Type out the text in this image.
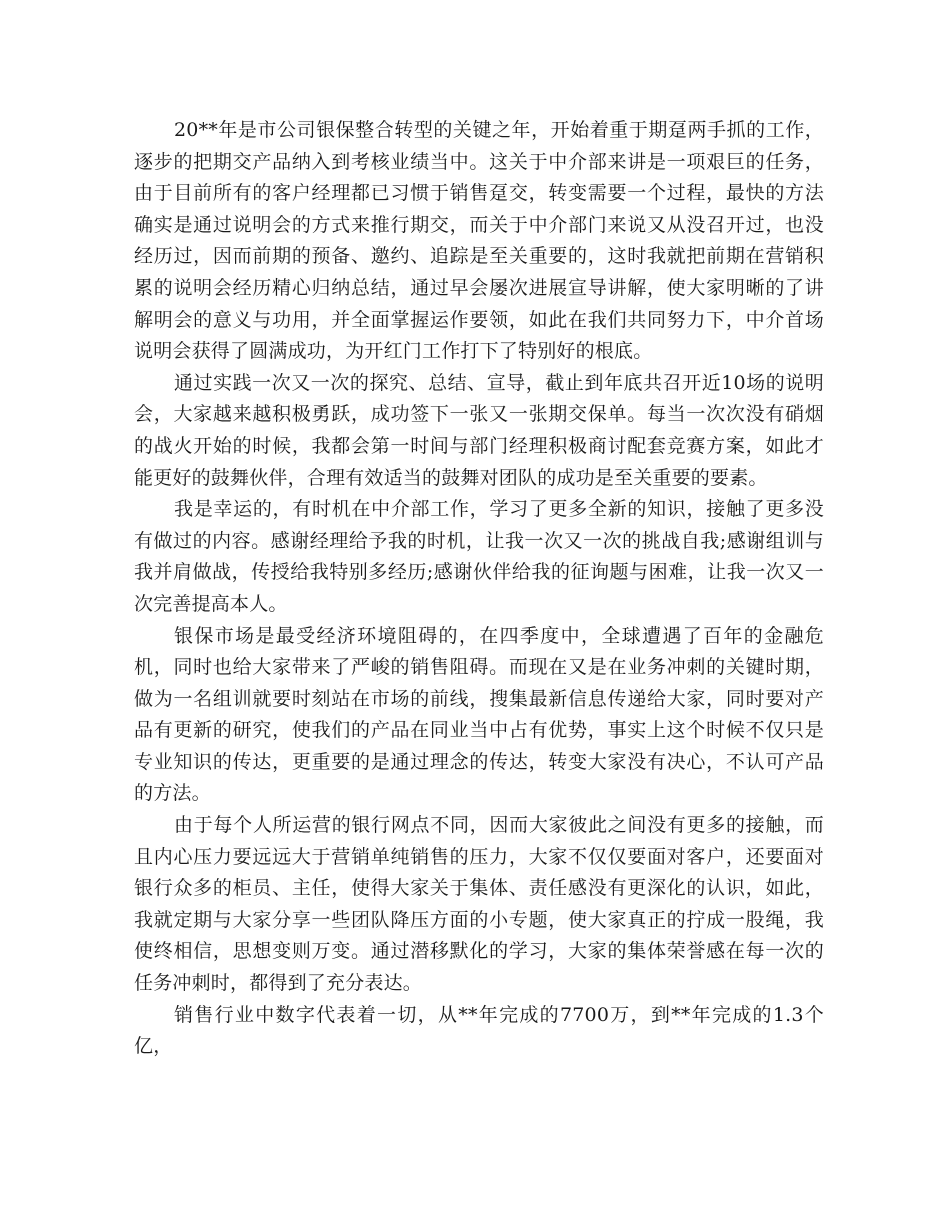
20**年是市公司银保整合转型的关键之年，开始着重于期趸两手抓的工作，逐步的把期交产品纳入到考核业绩当中。这关于中介部来讲是一项艰巨的任务，由于目前所有的客户经理都已习惯于销售趸交，转变需要一个过程，最快的方法确实是通过说明会的方式来推行期交，而关于中介部门来说又从没召开过，也没经历过，因而前期的预备、邀约、追踪是至关重要的，这时我就把前期在营销积累的说明会经历精心归纳总结，通过早会屡次进展宣导讲解，使大家明晰的了讲解明会的意义与功用，并全面掌握运作要领，如此在我们共同努力下，中介首场说明会获得了圆满成功，为开红门工作打下了特别好的根底。

通过实践一次又一次的探究、总结、宣导，截止到年底共召开近10场的说明会，大家越来越积极勇跃，成功签下一张又一张期交保单。每当一次次没有硝烟的战火开始的时候，我都会第一时间与部门经理积极商讨配套竞赛方案，如此才能更好的鼓舞伙伴，合理有效适当的鼓舞对团队的成功是至关重要的要素。

我是幸运的，有时机在中介部工作，学习了更多全新的知识，接触了更多没有做过的内容。感谢经理给予我的时机，让我一次又一次的挑战自我;感谢组训与我并肩做战，传授给我特别多经历;感谢伙伴给我的征询题与困难，让我一次又一次完善提高本人。

银保市场是最受经济环境阻碍的，在四季度中，全球遭遇了百年的金融危机，同时也给大家带来了严峻的销售阻碍。而现在又是在业务冲刺的关键时期，做为一名组训就要时刻站在市场的前线，搜集最新信息传递给大家，同时要对产品有更新的研究，使我们的产品在同业当中占有优势，事实上这个时候不仅只是专业知识的传达，更重要的是通过理念的传达，转变大家没有决心，不认可产品的方法。

由于每个人所运营的银行网点不同，因而大家彼此之间没有更多的接触，而且内心压力要远远大于营销单纯销售的压力，大家不仅仅要面对客户，还要面对银行众多的柜员、主任，使得大家关于集体、责任感没有更深化的认识，如此，我就定期与大家分享一些团队降压方面的小专题，使大家真正的拧成一股绳，我使终相信，思想变则万变。通过潜移默化的学习，大家的集体荣誉感在每一次的任务冲刺时，都得到了充分表达。

销售行业中数字代表着一切，从**年完成的7700万，到**年完成的1.3个亿，
